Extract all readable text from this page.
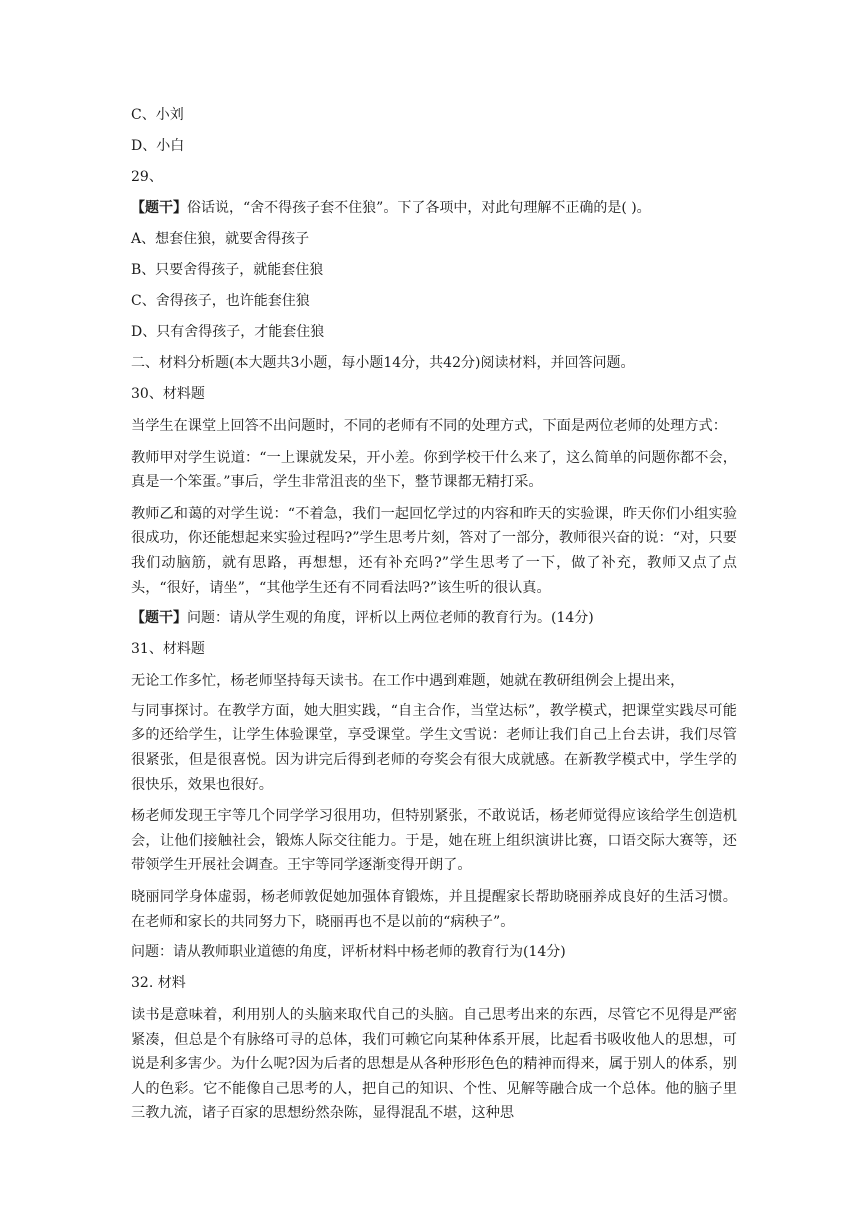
C、小刘
D、小白
29、
【题干】俗话说，“舍不得孩子套不住狼”。下了各项中，对此句理解不正确的是( )。
A、想套住狼，就要舍得孩子
B、只要舍得孩子，就能套住狼
C、舍得孩子，也许能套住狼
D、只有舍得孩子，才能套住狼
二、材料分析题(本大题共3小题，每小题14分，共42分)阅读材料，并回答问题。
30、材料题
当学生在课堂上回答不出问题时，不同的老师有不同的处理方式，下面是两位老师的处理方式：
教师甲对学生说道：“一上课就发呆，开小差。你到学校干什么来了，这么简单的问题你都不会，真是一个笨蛋。”事后，学生非常沮丧的坐下，整节课都无精打采。
教师乙和蔼的对学生说：“不着急，我们一起回忆学过的内容和昨天的实验课，昨天你们小组实验很成功，你还能想起来实验过程吗?”学生思考片刻，答对了一部分，教师很兴奋的说：“对，只要我们动脑筋，就有思路，再想想，还有补充吗?”学生思考了一下，做了补充，教师又点了点头，“很好，请坐”，“其他学生还有不同看法吗?”该生听的很认真。
【题干】问题：请从学生观的角度，评析以上两位老师的教育行为。(14分)
31、材料题
无论工作多忙，杨老师坚持每天读书。在工作中遇到难题，她就在教研组例会上提出来，
与同事探讨。在教学方面，她大胆实践，“自主合作，当堂达标”，教学模式，把课堂实践尽可能多的还给学生，让学生体验课堂，享受课堂。学生文雪说：老师让我们自己上台去讲，我们尽管很紧张，但是很喜悦。因为讲完后得到老师的夸奖会有很大成就感。在新教学模式中，学生学的很快乐，效果也很好。
杨老师发现王宇等几个同学学习很用功，但特别紧张，不敢说话，杨老师觉得应该给学生创造机会，让他们接触社会，锻炼人际交往能力。于是，她在班上组织演讲比赛，口语交际大赛等，还带领学生开展社会调查。王宇等同学逐渐变得开朗了。
晓丽同学身体虚弱，杨老师敦促她加强体育锻炼，并且提醒家长帮助晓丽养成良好的生活习惯。在老师和家长的共同努力下，晓丽再也不是以前的“病秧子”。
问题：请从教师职业道德的角度，评析材料中杨老师的教育行为(14分)
32. 材料
读书是意味着，利用别人的头脑来取代自己的头脑。自己思考出来的东西，尽管它不见得是严密紧凑，但总是个有脉络可寻的总体，我们可赖它向某种体系开展，比起看书吸收他人的思想，可说是利多害少。为什么呢?因为后者的思想是从各种形形色色的精神而得来，属于别人的体系，别人的色彩。它不能像自己思考的人，把自己的知识、个性、见解等融合成一个总体。他的脑子里三教九流，诸子百家的思想纷然杂陈，显得混乱不堪，这种思
